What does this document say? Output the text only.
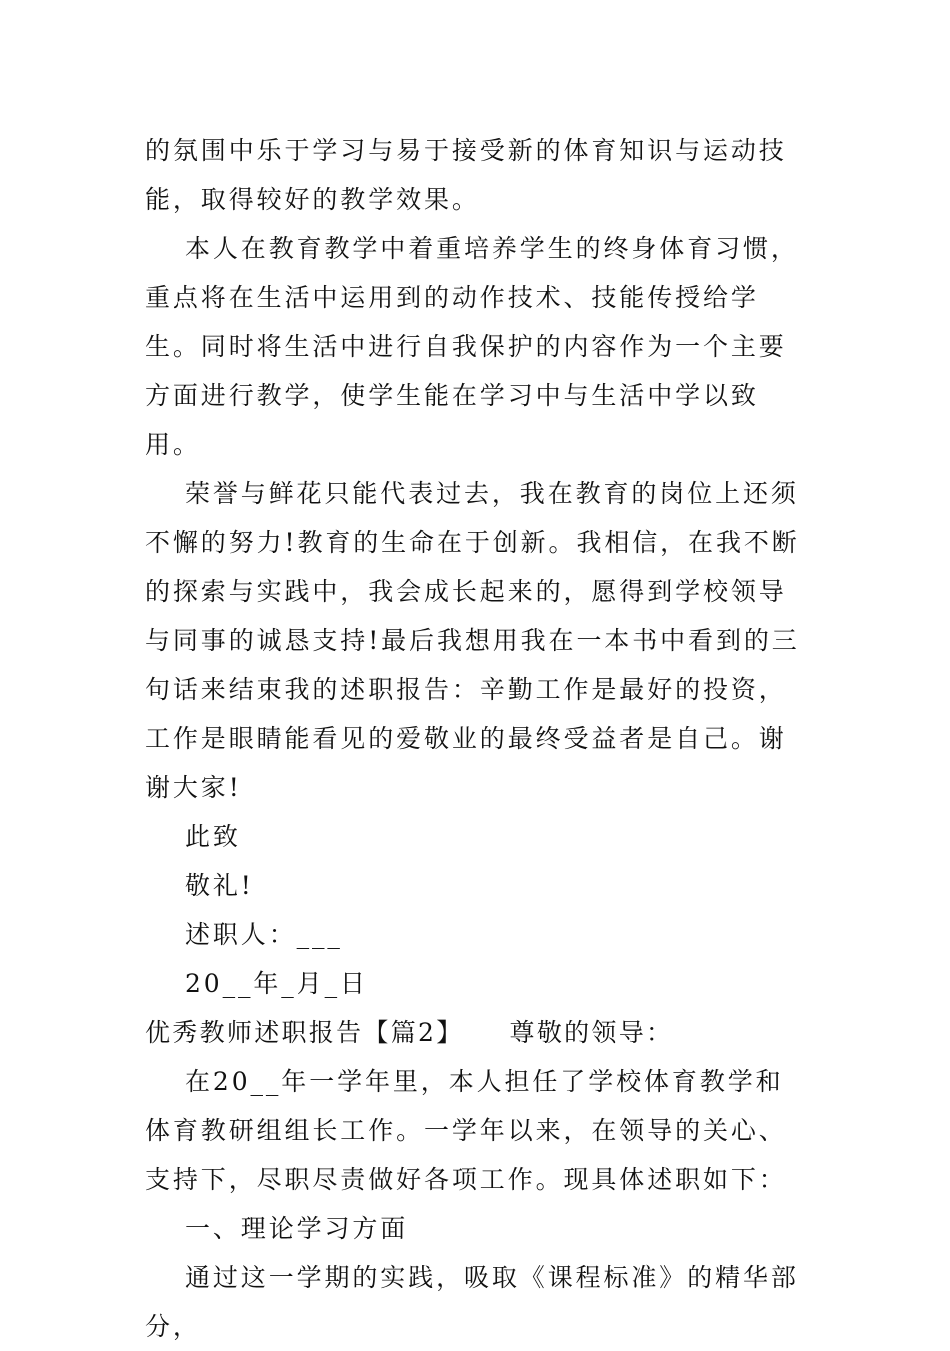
的氛围中乐于学习与易于接受新的体育知识与运动技能，取得较好的教学效果。

本人在教育教学中着重培养学生的终身体育习惯，重点将在生活中运用到的动作技术、技能传授给学生。同时将生活中进行自我保护的内容作为一个主要方面进行教学，使学生能在学习中与生活中学以致用。

荣誉与鲜花只能代表过去，我在教育的岗位上还须不懈的努力!教育的生命在于创新。我相信，在我不断的探索与实践中，我会成长起来的，愿得到学校领导与同事的诚恳支持!最后我想用我在一本书中看到的三句话来结束我的述职报告：辛勤工作是最好的投资，工作是眼睛能看见的爱敬业的最终受益者是自己。谢谢大家!

此致

敬礼!

述职人：___

20__年_月_日

优秀教师述职报告【篇2】 尊敬的领导：

在20__年一学年里，本人担任了学校体育教学和体育教研组组长工作。一学年以来，在领导的关心、支持下，尽职尽责做好各项工作。现具体述职如下：

一、理论学习方面

通过这一学期的实践，吸取《课程标准》的精华部分，
